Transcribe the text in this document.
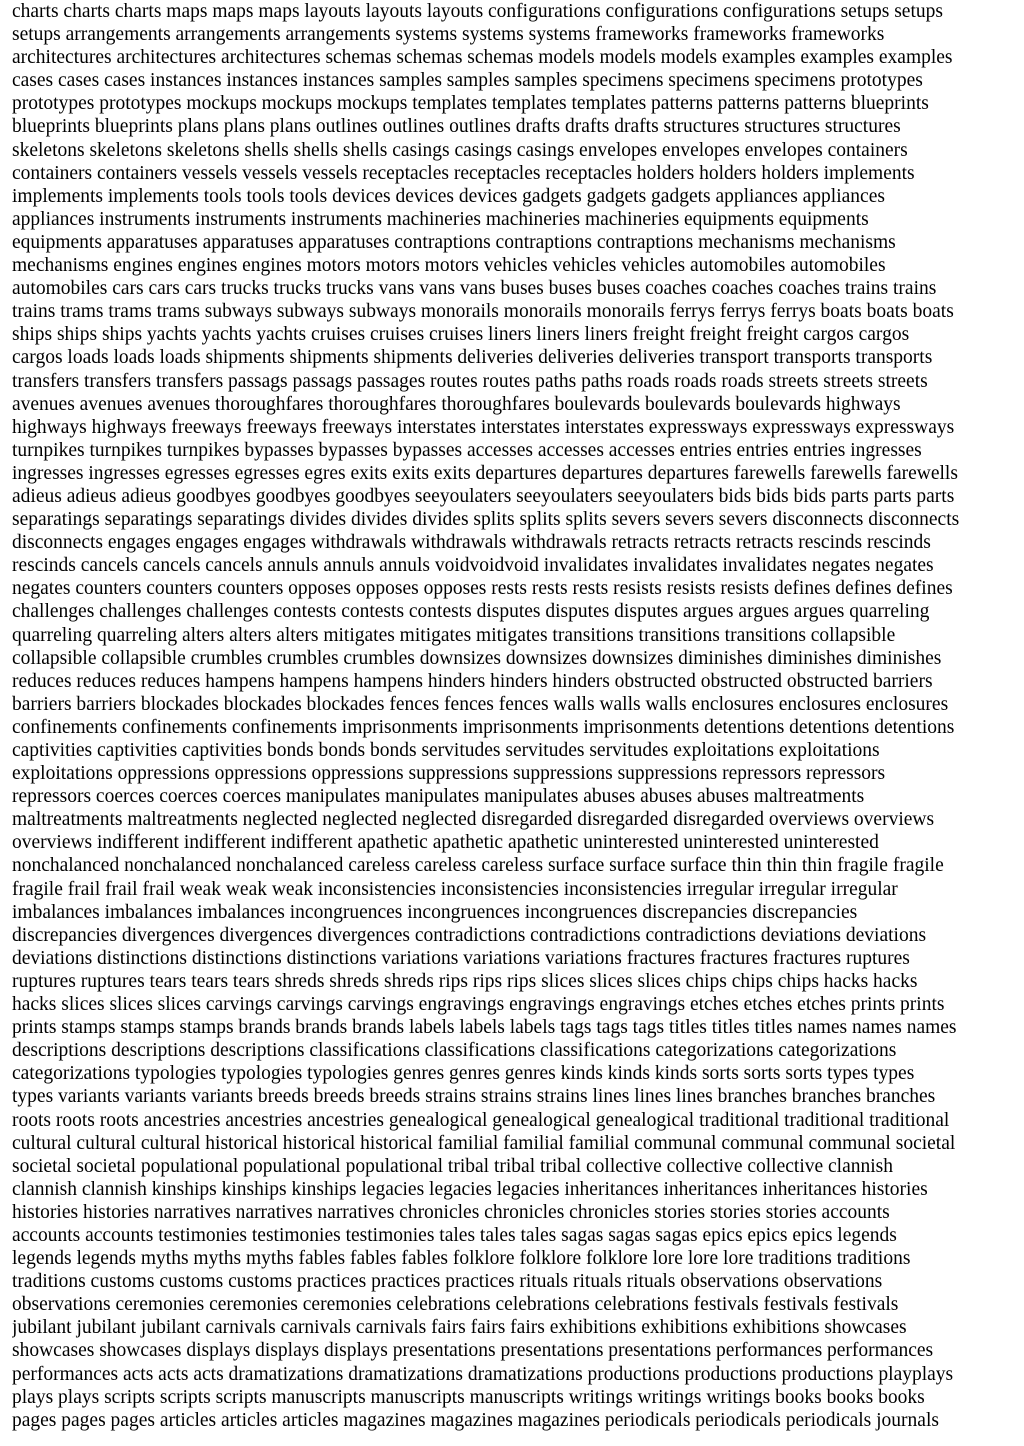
charts charts charts maps maps maps layouts layouts layouts configurations configurations configurations setups setups
setups arrangements arrangements arrangements systems systems systems frameworks frameworks frameworks
architectures architectures architectures schemas schemas schemas models models models examples examples examples
cases cases cases instances instances instances samples samples samples specimens specimens specimens prototypes
prototypes prototypes mockups mockups mockups templates templates templates patterns patterns patterns blueprints
blueprints blueprints plans plans plans outlines outlines outlines drafts drafts drafts structures structures structures
skeletons skeletons skeletons shells shells shells casings casings casings envelopes envelopes envelopes containers
containers containers vessels vessels vessels receptacles receptacles receptacles holders holders holders implements
implements implements tools tools tools devices devices devices gadgets gadgets gadgets appliances appliances
appliances instruments instruments instruments machineries machineries machineries equipments equipments
equipments apparatuses apparatuses apparatuses contraptions contraptions contraptions mechanisms mechanisms
mechanisms engines engines engines motors motors motors vehicles vehicles vehicles automobiles automobiles
automobiles cars cars cars trucks trucks trucks vans vans vans buses buses buses coaches coaches coaches trains trains
trains trams trams trams subways subways subways monorails monorails monorails ferrys ferrys ferrys boats boats boats
ships ships ships yachts yachts yachts cruises cruises cruises liners liners liners freight freight freight cargos cargos
cargos loads loads loads shipments shipments shipments deliveries deliveries deliveries transport transports transports
transfers transfers transfers passags passags passages routes routes paths paths roads roads roads streets streets streets
avenues avenues avenues thoroughfares thoroughfares thoroughfares boulevards boulevards boulevards highways
highways highways freeways freeways freeways interstates interstates interstates expressways expressways expressways
turnpikes turnpikes turnpikes bypasses bypasses bypasses accesses accesses accesses entries entries entries ingresses
ingresses ingresses egresses egresses egres exits exits exits departures departures departures farewells farewells farewells
adieus adieus adieus goodbyes goodbyes goodbyes seeyoulaters seeyoulaters seeyoulaters bids bids bids parts parts parts
separatings separatings separatings divides divides divides splits splits splits severs severs severs disconnects disconnects
disconnects engages engages engages withdrawals withdrawals withdrawals retracts retracts retracts rescinds rescinds
rescinds cancels cancels cancels annuls annuls annuls voidvoidvoid invalidates invalidates invalidates negates negates
negates counters counters counters opposes opposes opposes rests rests rests resists resists resists defines defines defines
challenges challenges challenges contests contests contests disputes disputes disputes argues argues argues quarreling
quarreling quarreling alters alters alters mitigates mitigates mitigates transitions transitions transitions collapsible
collapsible collapsible crumbles crumbles crumbles downsizes downsizes downsizes diminishes diminishes diminishes
reduces reduces reduces hampens hampens hampens hinders hinders hinders obstructed obstructed obstructed barriers
barriers barriers blockades blockades blockades fences fences fences walls walls walls enclosures enclosures enclosures
confinements confinements confinements imprisonments imprisonments imprisonments detentions detentions detentions
captivities captivities captivities bonds bonds bonds servitudes servitudes servitudes exploitations exploitations
exploitations oppressions oppressions oppressions suppressions suppressions suppressions repressors repressors
repressors coerces coerces coerces manipulates manipulates manipulates abuses abuses abuses maltreatments
maltreatments maltreatments neglected neglected neglected disregarded disregarded disregarded overviews overviews
overviews indifferent indifferent indifferent apathetic apathetic apathetic uninterested uninterested uninterested
nonchalanced nonchalanced nonchalanced careless careless careless surface surface surface thin thin thin fragile fragile
fragile frail frail frail weak weak weak inconsistencies inconsistencies inconsistencies irregular irregular irregular
imbalances imbalances imbalances incongruences incongruences incongruences discrepancies discrepancies
discrepancies divergences divergences divergences contradictions contradictions contradictions deviations deviations
deviations distinctions distinctions distinctions variations variations variations fractures fractures fractures ruptures
ruptures ruptures tears tears tears shreds shreds shreds rips rips rips slices slices slices chips chips chips hacks hacks
hacks slices slices slices carvings carvings carvings engravings engravings engravings etches etches etches prints prints
prints stamps stamps stamps brands brands brands labels labels labels tags tags tags titles titles titles names names names
descriptions descriptions descriptions classifications classifications classifications categorizations categorizations
categorizations typologies typologies typologies genres genres genres kinds kinds kinds sorts sorts sorts types types
types variants variants variants breeds breeds breeds strains strains strains lines lines lines branches branches branches
roots roots roots ancestries ancestries ancestries genealogical genealogical genealogical traditional traditional traditional
cultural cultural cultural historical historical historical familial familial familial communal communal communal societal
societal societal populational populational populational tribal tribal tribal collective collective collective clannish
clannish clannish kinships kinships kinships legacies legacies legacies inheritances inheritances inheritances histories
histories histories narratives narratives narratives chronicles chronicles chronicles stories stories stories accounts
accounts accounts testimonies testimonies testimonies tales tales tales sagas sagas sagas epics epics epics legends
legends legends myths myths myths fables fables fables folklore folklore folklore lore lore lore traditions traditions
traditions customs customs customs practices practices practices rituals rituals rituals observations observations
observations ceremonies ceremonies ceremonies celebrations celebrations celebrations festivals festivals festivals
jubilant jubilant jubilant carnivals carnivals carnivals fairs fairs fairs exhibitions exhibitions exhibitions showcases
showcases showcases displays displays displays presentations presentations presentations performances performances
performances acts acts acts dramatizations dramatizations dramatizations productions productions productions playplays
plays plays scripts scripts scripts manuscripts manuscripts manuscripts writings writings writings books books books
pages pages pages articles articles articles magazines magazines magazines periodicals periodicals periodicals journals
